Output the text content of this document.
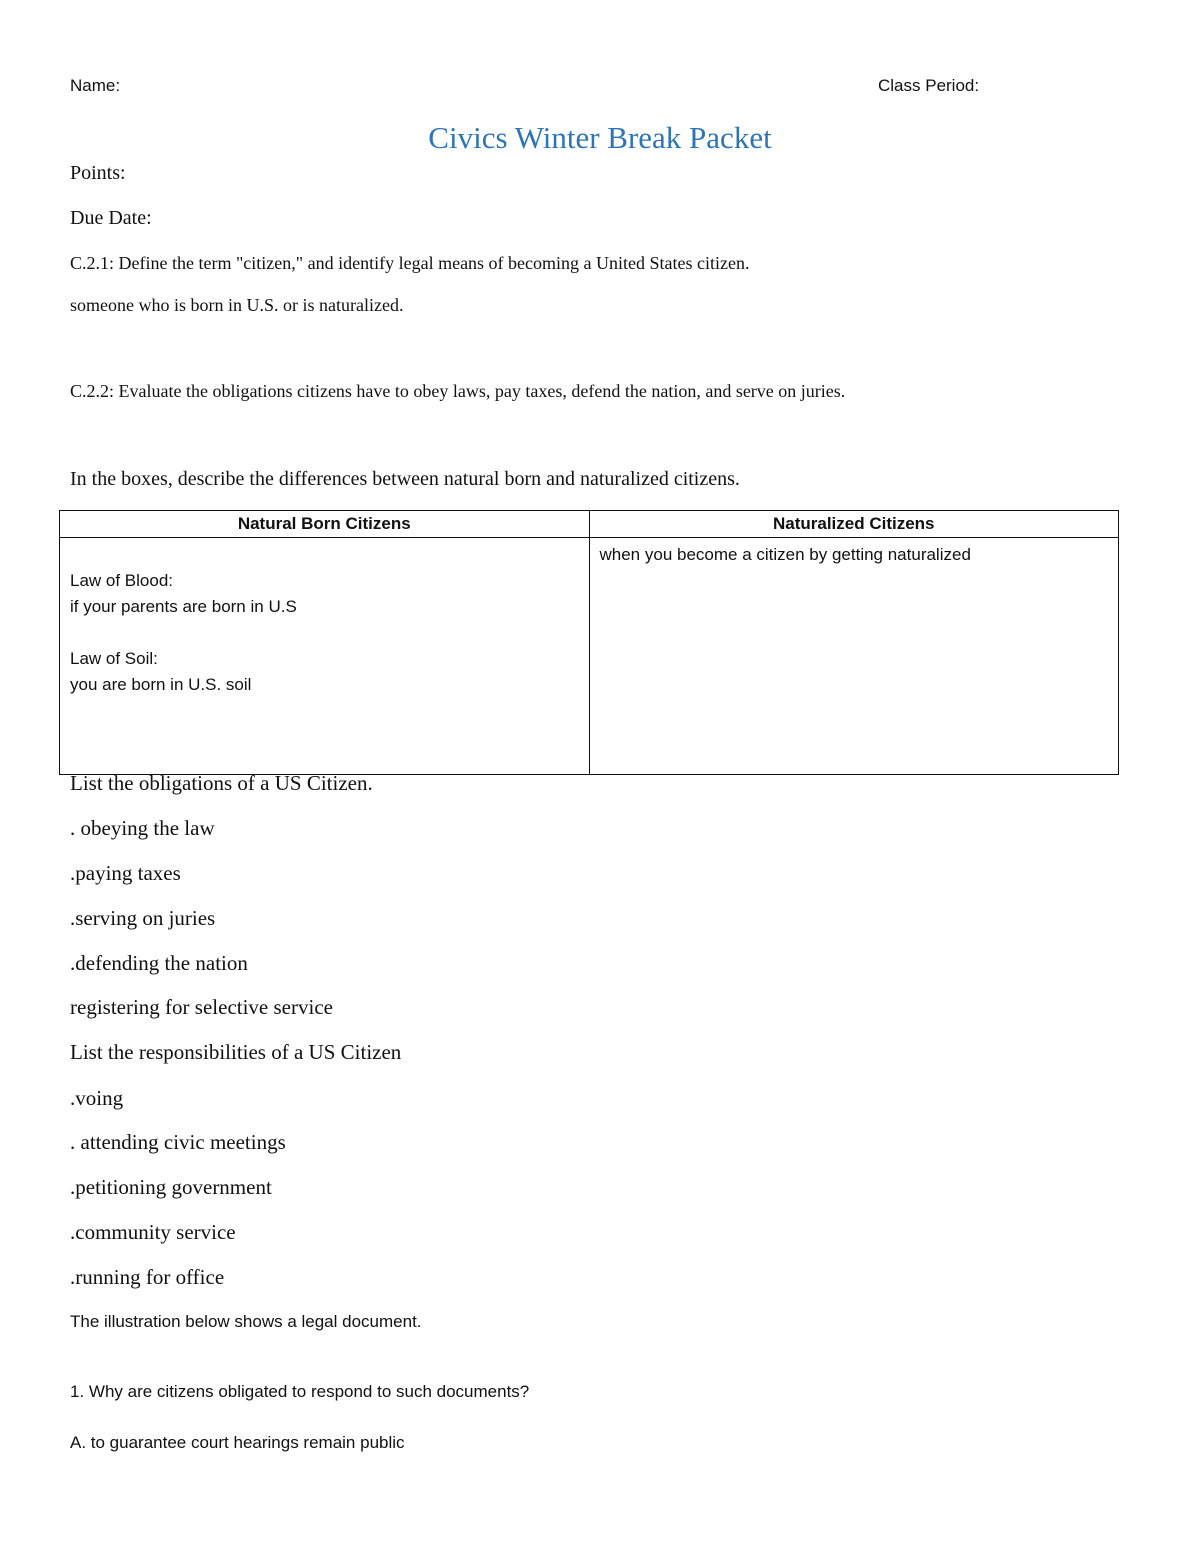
Name:	Class Period:
Civics Winter Break Packet
Points:
Due Date:
C.2.1: Define the term "citizen," and identify legal means of becoming a United States citizen.
someone who is born in U.S. or is naturalized.
C.2.2: Evaluate the obligations citizens have to obey laws, pay taxes, defend the nation, and serve on juries.
In the boxes, describe the differences between natural born and naturalized citizens.
Natural Born Citizens	Naturalized Citizens

Law of Blood:
if your parents are born in U.S
Law of Soil:
you are born in U.S. soil	when you become a citizen by getting naturalized
List the obligations of a US Citizen.
. obeying the law
.paying taxes
.serving on juries
.defending the nation
registering for selective service
List the responsibilities of a US Citizen
.voing
. attending civic meetings
.petitioning government
.community service
.running for office
The illustration below shows a legal document.
1. Why are citizens obligated to respond to such documents?
A. to guarantee court hearings remain public
